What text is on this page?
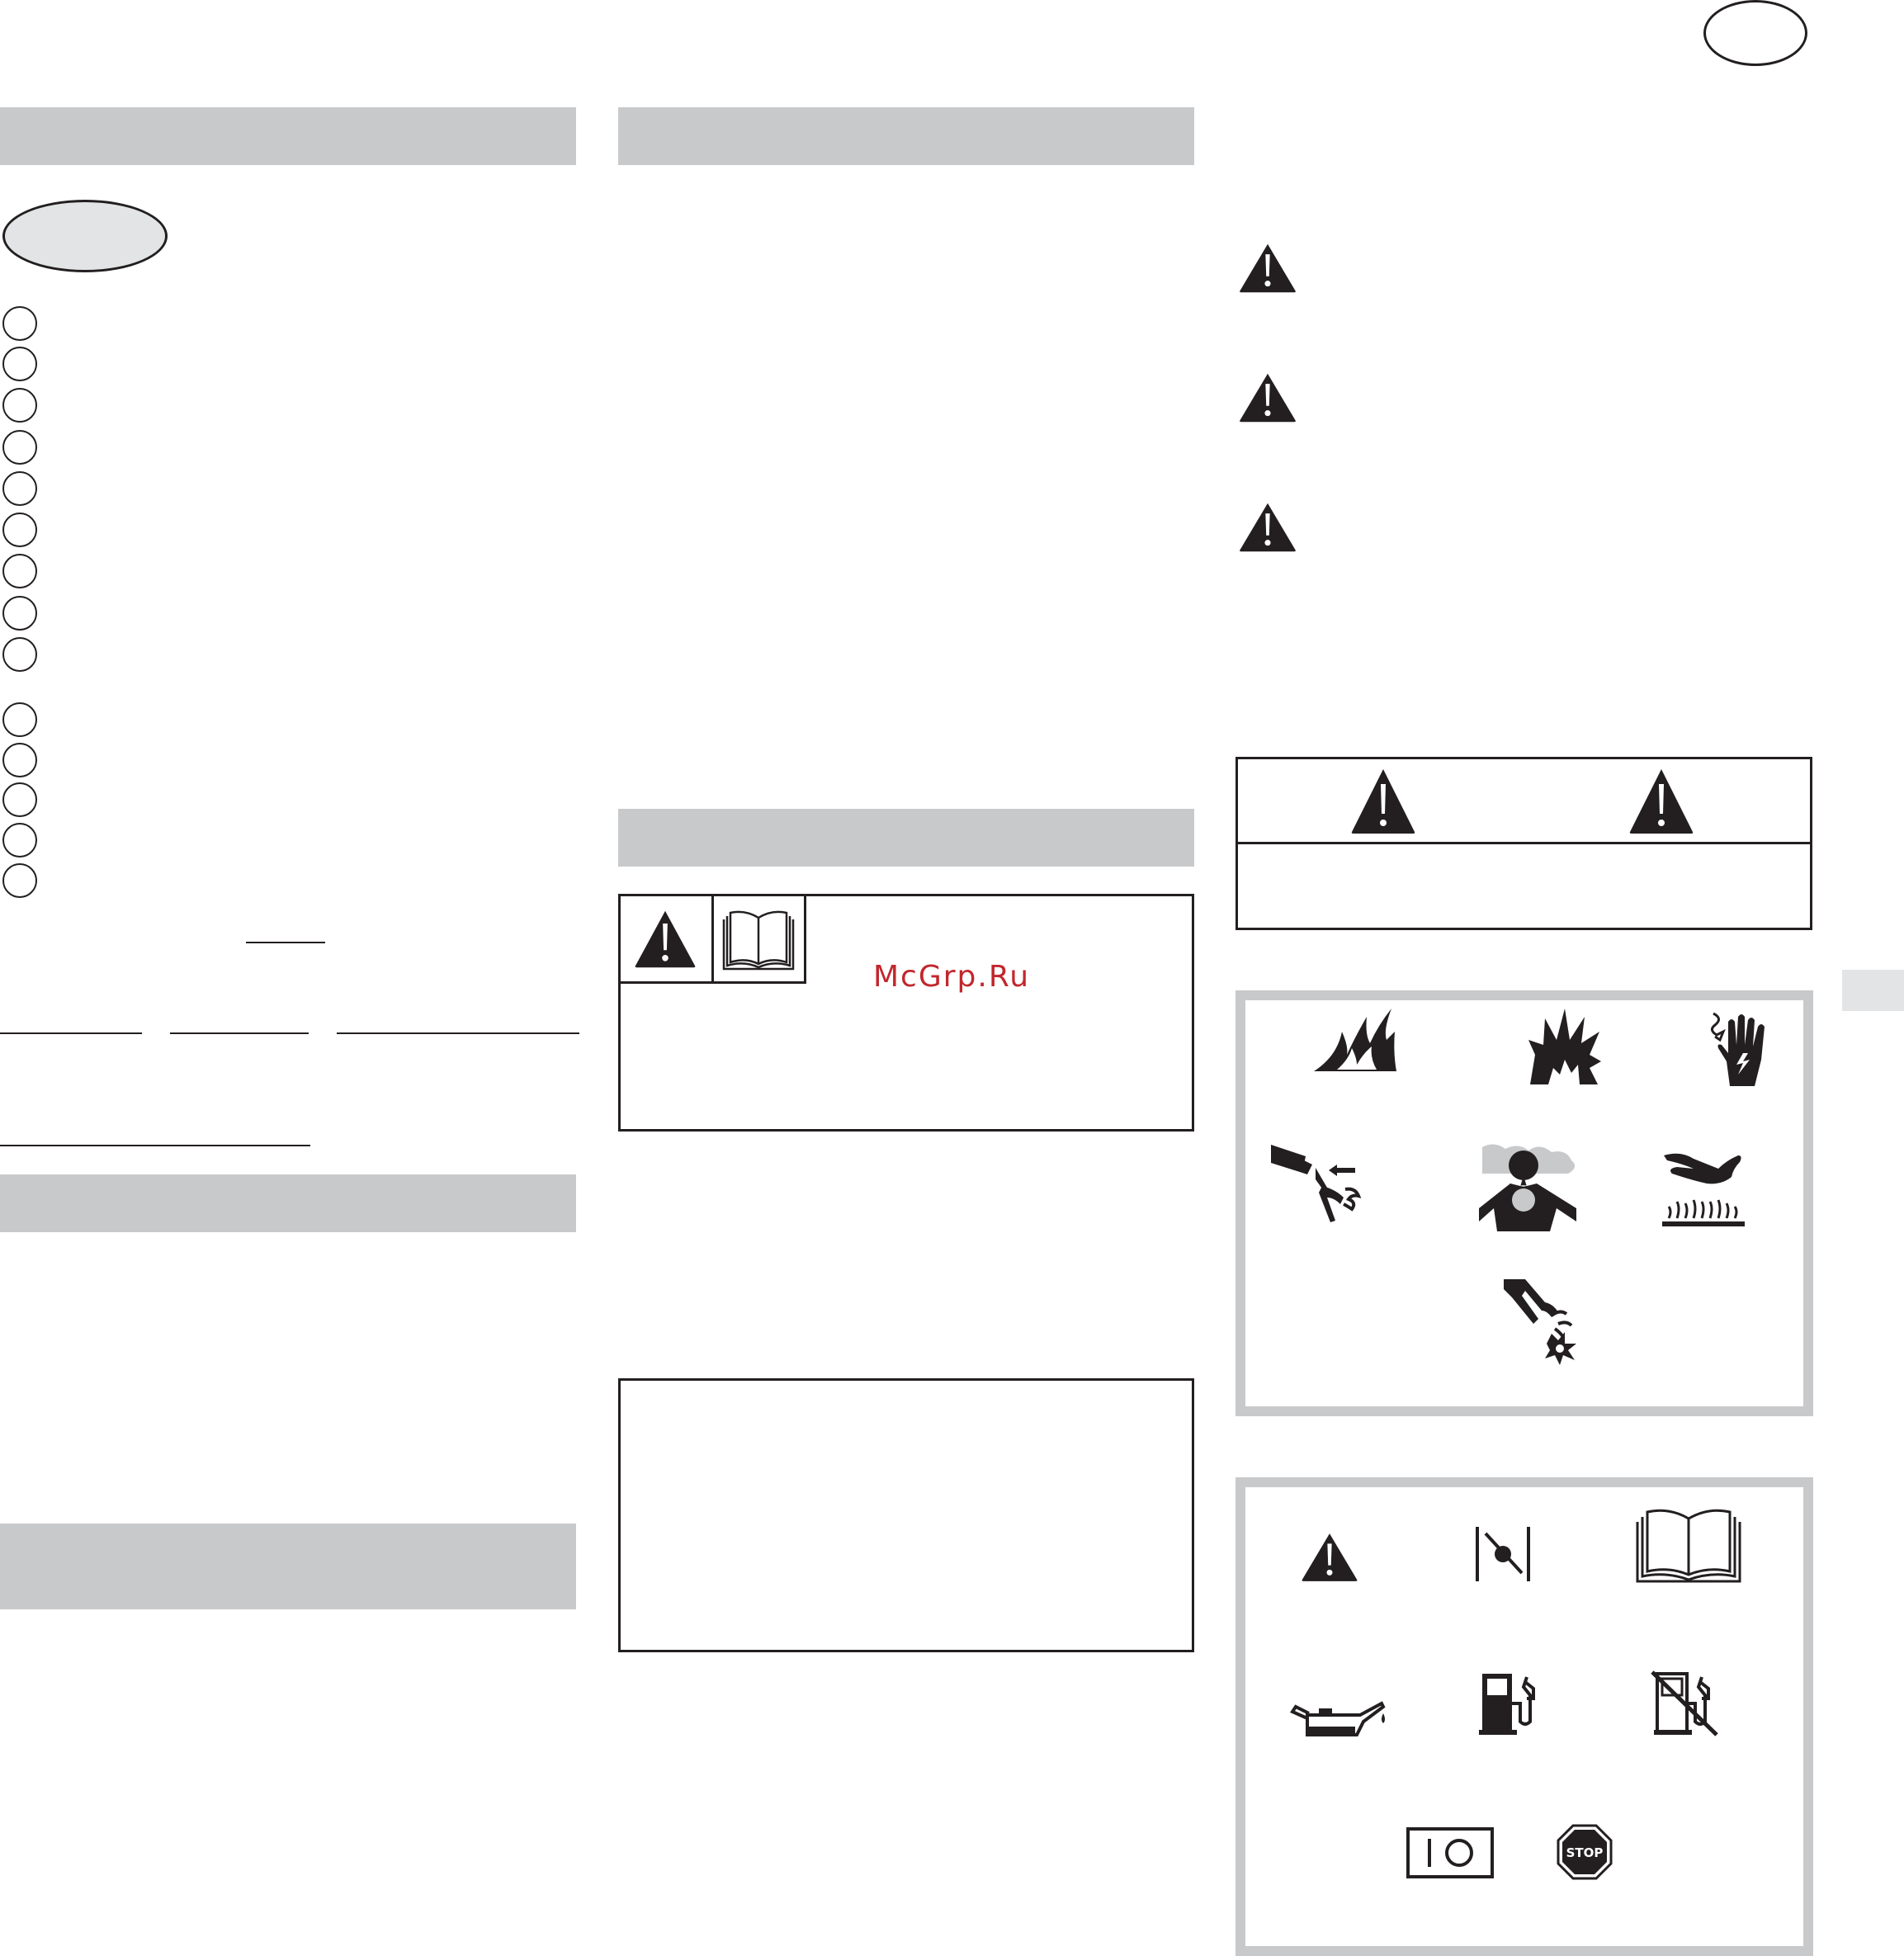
McGrp.Ru
STOP
